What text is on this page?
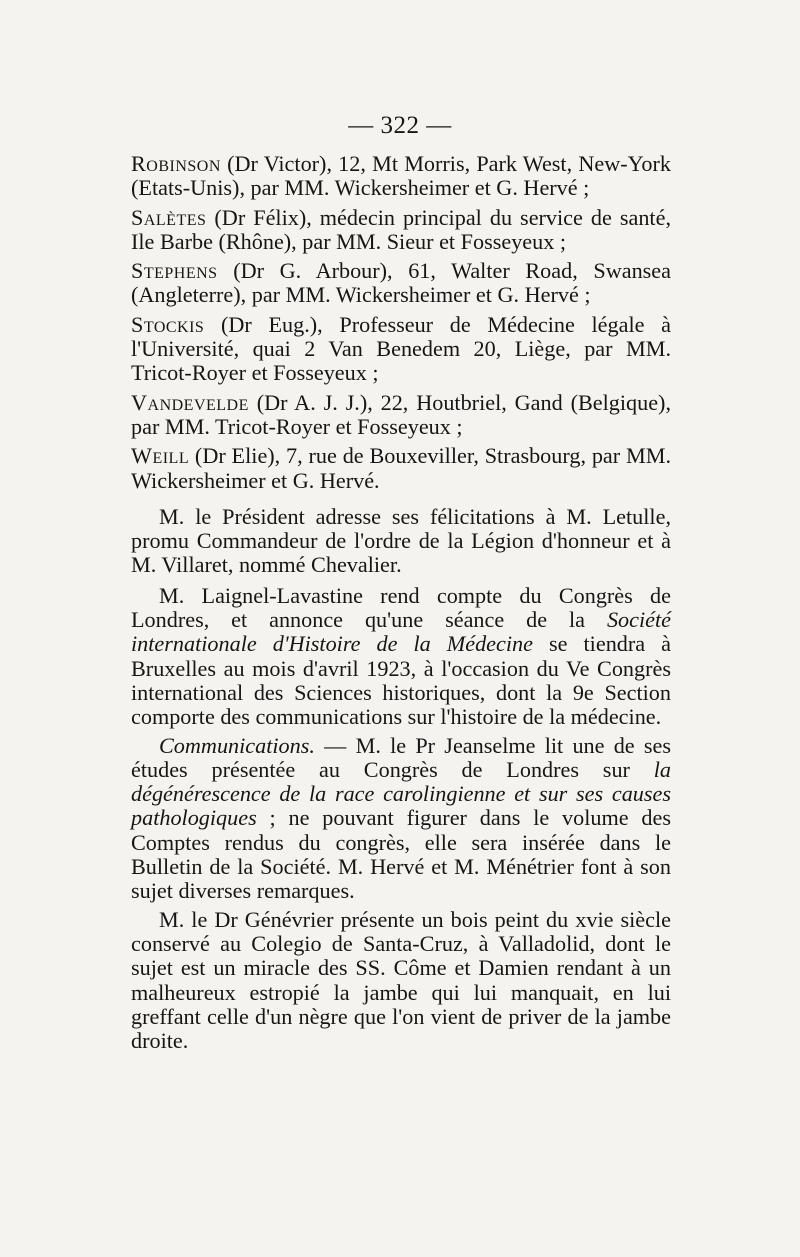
— 322 —

Robinson (Dr Victor), 12, Mt Morris, Park West, New-York (Etats-Unis), par MM. Wickersheimer et G. Hervé ;

Salètes (Dr Félix), médecin principal du service de santé, Ile Barbe (Rhône), par MM. Sieur et Fosseyeux ;

Stephens (Dr G. Arbour), 61, Walter Road, Swansea (Angleterre), par MM. Wickersheimer et G. Hervé ;

Stockis (Dr Eug.), Professeur de Médecine légale à l'Université, quai 2 Van Benedem 20, Liège, par MM. Tricot-Royer et Fosseyeux ;

Vandevelde (Dr A. J. J.), 22, Houtbriel, Gand (Belgique), par MM. Tricot-Royer et Fosseyeux ;

Weill (Dr Elie), 7, rue de Bouxeviller, Strasbourg, par MM. Wickersheimer et G. Hervé.

M. le Président adresse ses félicitations à M. Letulle, promu Commandeur de l'ordre de la Légion d'honneur et à M. Villaret, nommé Chevalier.

M. Laignel-Lavastine rend compte du Congrès de Londres, et annonce qu'une séance de la Société internationale d'Histoire de la Médecine se tiendra à Bruxelles au mois d'avril 1923, à l'occasion du Ve Congrès international des Sciences historiques, dont la 9e Section comporte des communications sur l'histoire de la médecine.

Communications. — M. le Pr Jeanselme lit une de ses études présentée au Congrès de Londres sur la dégénérescence de la race carolingienne et sur ses causes pathologiques ; ne pouvant figurer dans le volume des Comptes rendus du congrès, elle sera insérée dans le Bulletin de la Société. M. Hervé et M. Ménétrier font à son sujet diverses remarques.

M. le Dr Génévrier présente un bois peint du xvie siècle conservé au Colegio de Santa-Cruz, à Valladolid, dont le sujet est un miracle des SS. Côme et Damien rendant à un malheureux estropié la jambe qui lui manquait, en lui greffant celle d'un nègre que l'on vient de priver de la jambe droite.
